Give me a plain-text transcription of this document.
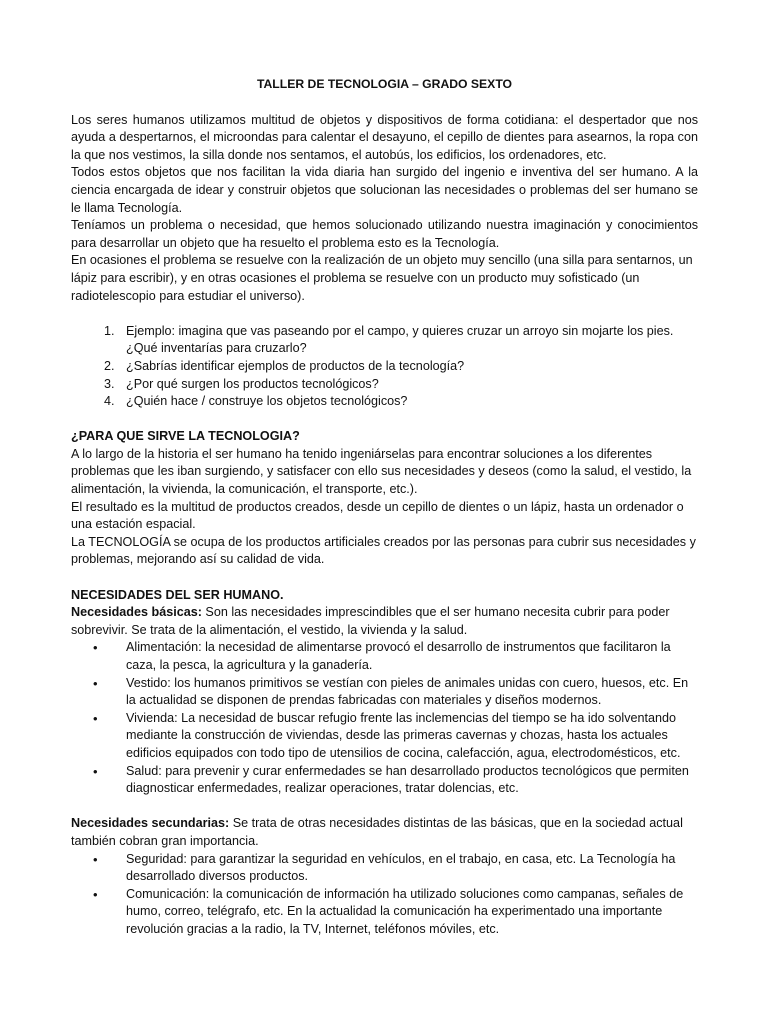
TALLER DE TECNOLOGIA – GRADO SEXTO

Los seres humanos utilizamos multitud de objetos y dispositivos de forma cotidiana: el despertador que nos ayuda a despertarnos, el microondas para calentar el desayuno, el cepillo de dientes para asearnos, la ropa con la que nos vestimos, la silla donde nos sentamos, el autobús, los edificios, los ordenadores, etc.

Todos estos objetos que nos facilitan la vida diaria han surgido del ingenio e inventiva del ser humano. A la ciencia encargada de idear y construir objetos que solucionan las necesidades o problemas del ser humano se le llama Tecnología.

Teníamos un problema o necesidad, que hemos solucionado utilizando nuestra imaginación y conocimientos para desarrollar un objeto que ha resuelto el problema esto es la Tecnología.

En ocasiones el problema se resuelve con la realización de un objeto muy sencillo (una silla para sentarnos, un lápiz para escribir), y en otras ocasiones el problema se resuelve con un producto muy sofisticado (un radiotelescopio para estudiar el universo).

1. Ejemplo: imagina que vas paseando por el campo, y quieres cruzar un arroyo sin mojarte los pies. ¿Qué inventarías para cruzarlo?
2. ¿Sabrías identificar ejemplos de productos de la tecnología?
3. ¿Por qué surgen los productos tecnológicos?
4. ¿Quién hace / construye los objetos tecnológicos?

¿PARA QUE SIRVE LA TECNOLOGIA?

A lo largo de la historia el ser humano ha tenido ingeniárselas para encontrar soluciones a los diferentes problemas que les iban surgiendo, y satisfacer con ello sus necesidades y deseos (como la salud, el vestido, la alimentación, la vivienda, la comunicación, el transporte, etc.).

El resultado es la multitud de productos creados, desde un cepillo de dientes o un lápiz, hasta un ordenador o una estación espacial.

La TECNOLOGÍA se ocupa de los productos artificiales creados por las personas para cubrir sus necesidades y problemas, mejorando así su calidad de vida.

NECESIDADES DEL SER HUMANO.

Necesidades básicas: Son las necesidades imprescindibles que el ser humano necesita cubrir para poder sobrevivir. Se trata de la alimentación, el vestido, la vivienda y la salud.

• Alimentación: la necesidad de alimentarse provocó el desarrollo de instrumentos que facilitaron la caza, la pesca, la agricultura y la ganadería.
• Vestido: los humanos primitivos se vestían con pieles de animales unidas con cuero, huesos, etc. En la actualidad se disponen de prendas fabricadas con materiales y diseños modernos.
• Vivienda: La necesidad de buscar refugio frente las inclemencias del tiempo se ha ido solventando mediante la construcción de viviendas, desde las primeras cavernas y chozas, hasta los actuales edificios equipados con todo tipo de utensilios de cocina, calefacción, agua, electrodomésticos, etc.
• Salud: para prevenir y curar enfermedades se han desarrollado productos tecnológicos que permiten diagnosticar enfermedades, realizar operaciones, tratar dolencias, etc.

Necesidades secundarias: Se trata de otras necesidades distintas de las básicas, que en la sociedad actual también cobran gran importancia.

• Seguridad: para garantizar la seguridad en vehículos, en el trabajo, en casa, etc. La Tecnología ha desarrollado diversos productos.
• Comunicación: la comunicación de información ha utilizado soluciones como campanas, señales de humo, correo, telégrafo, etc. En la actualidad la comunicación ha experimentado una importante revolución gracias a la radio, la TV, Internet, teléfonos móviles, etc.
